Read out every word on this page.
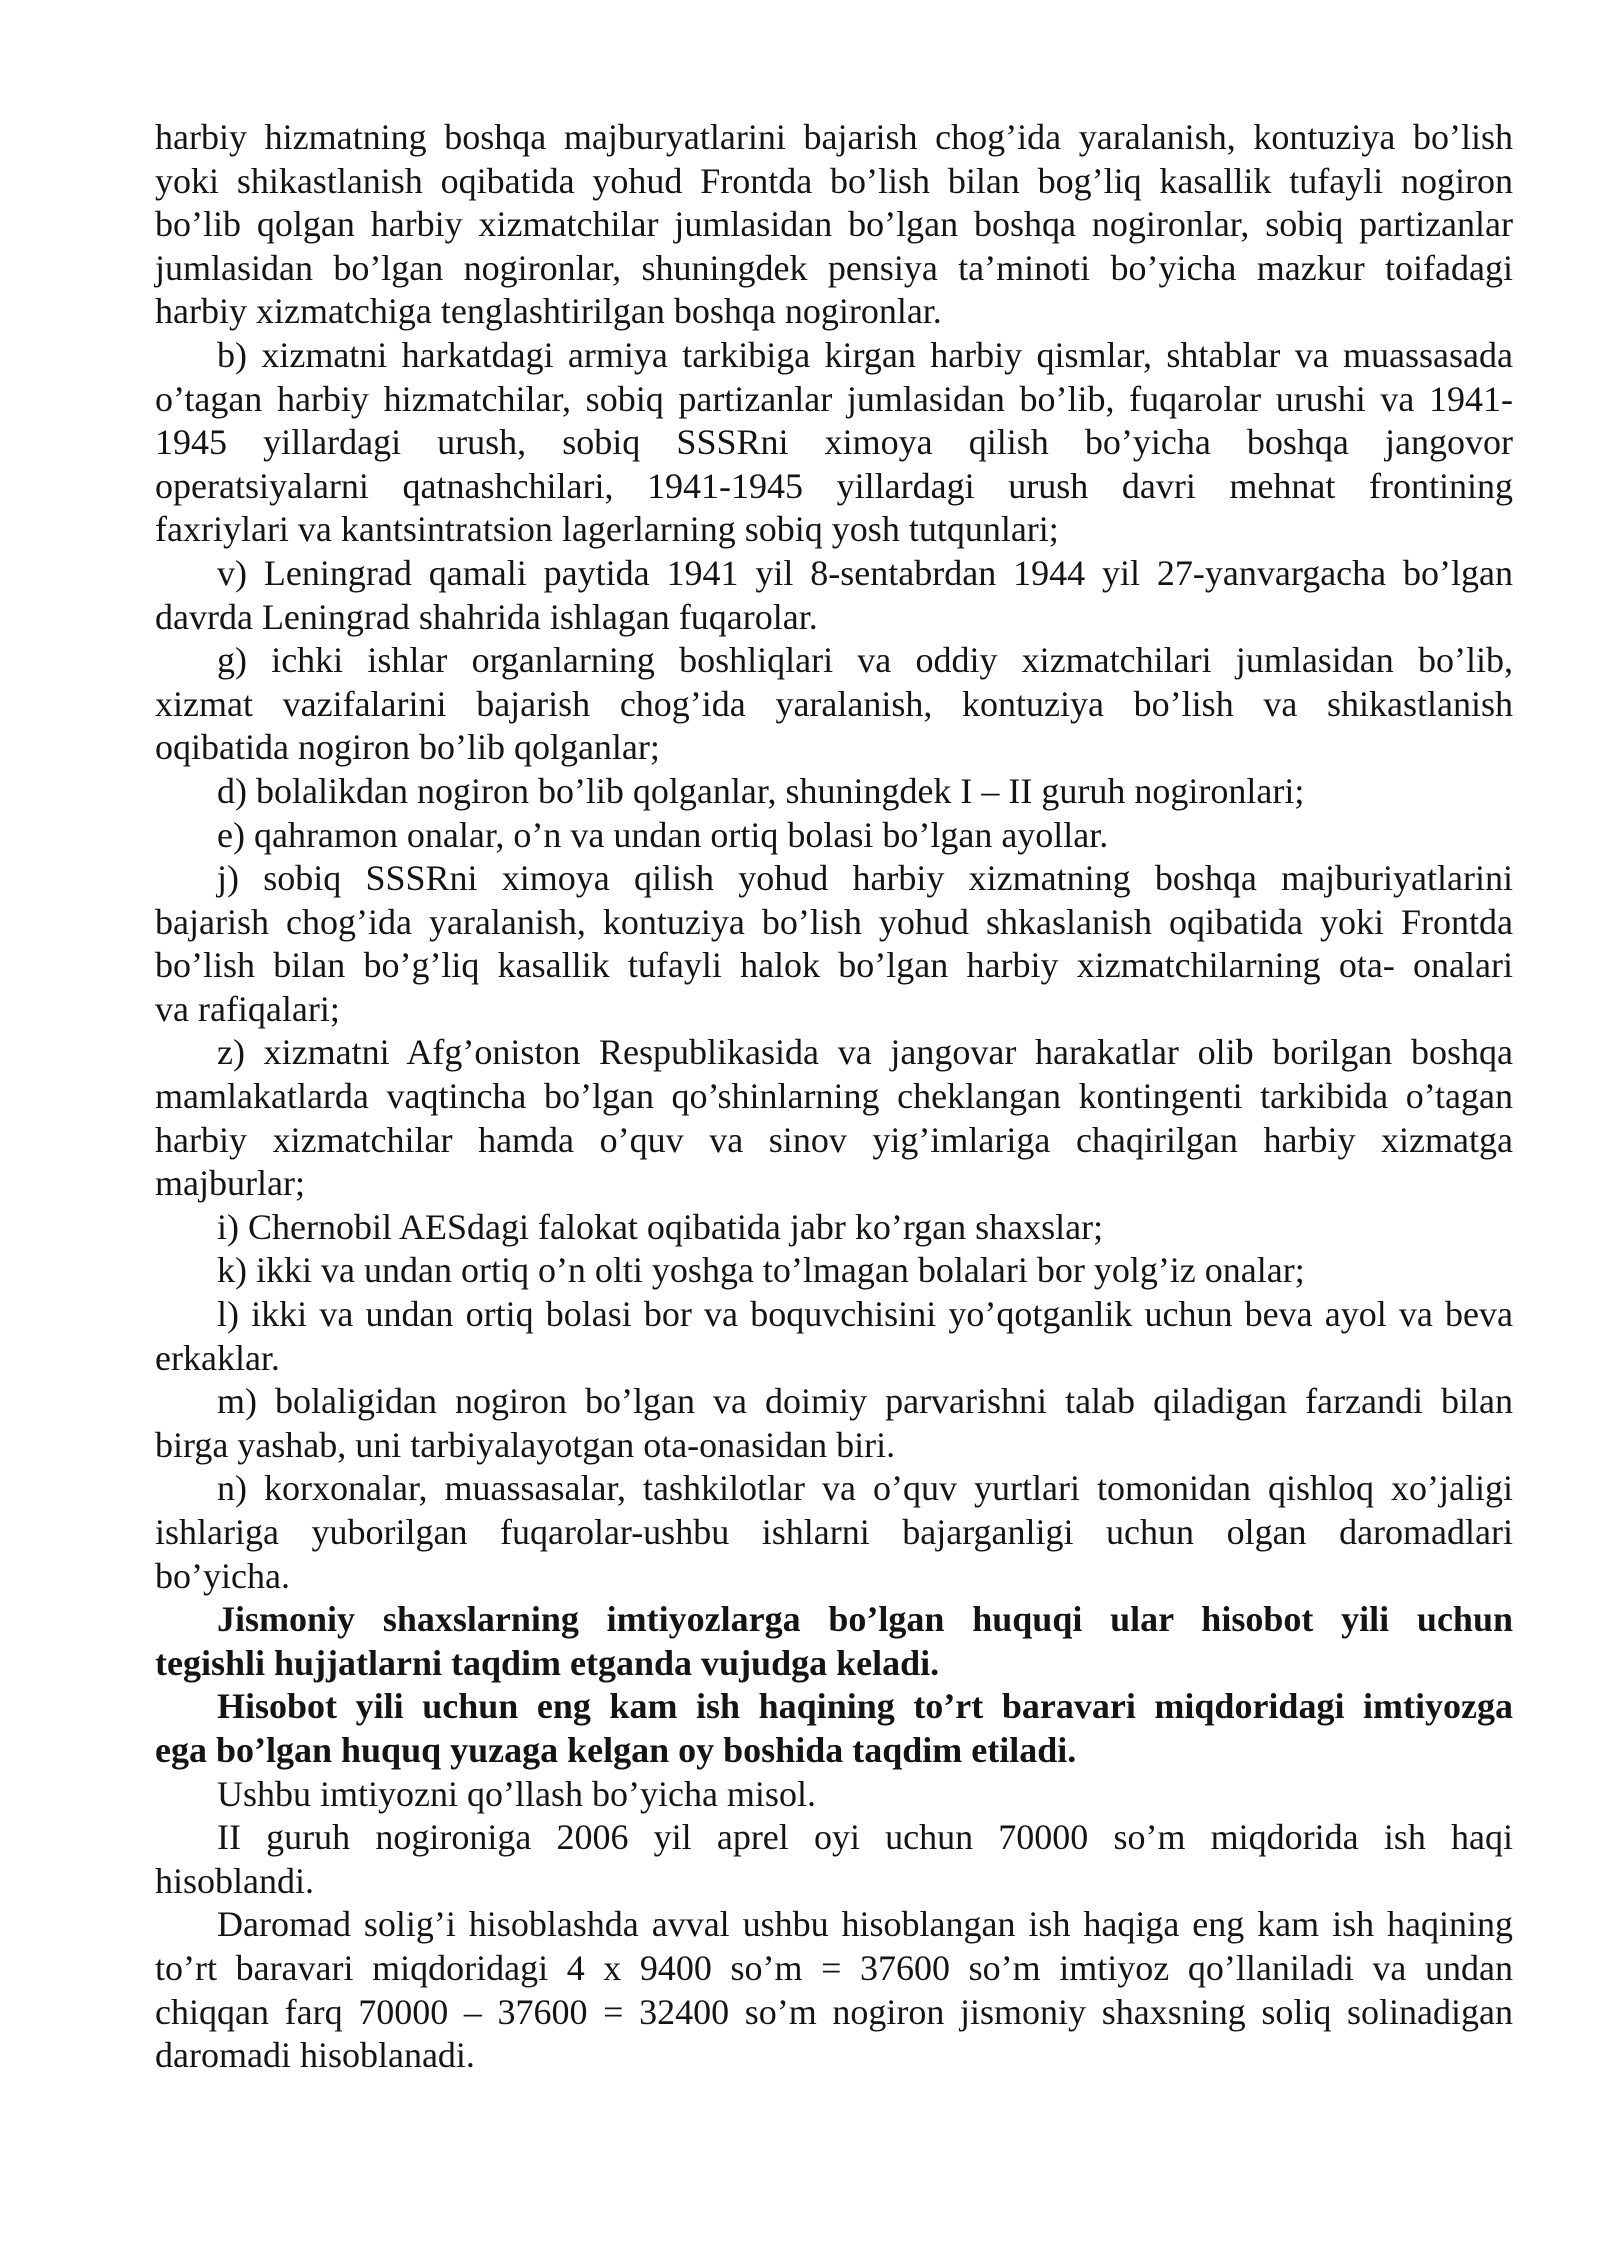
harbiy hizmatning boshqa majburyatlarini bajarish chog’ida yaralanish, kontuziya bo’lish
yoki shikastlanish oqibatida yohud Frontda bo’lish bilan bog’liq kasallik tufayli nogiron
bo’lib qolgan harbiy xizmatchilar jumlasidan bo’lgan boshqa nogironlar, sobiq partizanlar
jumlasidan bo’lgan nogironlar, shuningdek pensiya ta’minoti bo’yicha mazkur toifadagi
harbiy xizmatchiga tenglashtirilgan boshqa nogironlar.
b) xizmatni harkatdagi armiya tarkibiga kirgan harbiy qismlar, shtablar va muassasada
o’tagan harbiy hizmatchilar, sobiq partizanlar jumlasidan bo’lib, fuqarolar urushi va 1941-
1945 yillardagi urush, sobiq SSSRni ximoya qilish bo’yicha boshqa jangovor
operatsiyalarni qatnashchilari, 1941-1945 yillardagi urush davri mehnat frontining
faxriylari va kantsintratsion lagerlarning sobiq yosh tutqunlari;
v) Leningrad qamali paytida 1941 yil 8-sentabrdan 1944 yil 27-yanvargacha bo’lgan
davrda Leningrad shahrida ishlagan fuqarolar.
g) ichki ishlar organlarning boshliqlari va oddiy xizmatchilari jumlasidan bo’lib,
xizmat vazifalarini bajarish chog’ida yaralanish, kontuziya bo’lish va shikastlanish
oqibatida nogiron bo’lib qolganlar;
d) bolalikdan nogiron bo’lib qolganlar, shuningdek I – II guruh nogironlari;
e) qahramon onalar, o’n va undan ortiq bolasi bo’lgan ayollar.
j) sobiq SSSRni ximoya qilish yohud harbiy xizmatning boshqa majburiyatlarini
bajarish chog’ida yaralanish, kontuziya bo’lish yohud shkaslanish oqibatida yoki Frontda
bo’lish bilan bo’g’liq kasallik tufayli halok bo’lgan harbiy xizmatchilarning ota- onalari
va rafiqalari;
z) xizmatni Afg’oniston Respublikasida va jangovar harakatlar olib borilgan boshqa
mamlakatlarda vaqtincha bo’lgan qo’shinlarning cheklangan kontingenti tarkibida o’tagan
harbiy xizmatchilar hamda o’quv va sinov yig’imlariga chaqirilgan harbiy xizmatga
majburlar;
i) Chernobil AESdagi falokat oqibatida jabr ko’rgan shaxslar;
k) ikki va undan ortiq o’n olti yoshga to’lmagan bolalari bor yolg’iz onalar;
l) ikki va undan ortiq bolasi bor va boquvchisini yo’qotganlik uchun beva ayol va beva
erkaklar.
m) bolaligidan nogiron bo’lgan va doimiy parvarishni talab qiladigan farzandi bilan
birga yashab, uni tarbiyalayotgan ota-onasidan biri.
n) korxonalar, muassasalar, tashkilotlar va o’quv yurtlari tomonidan qishloq xo’jaligi
ishlariga yuborilgan fuqarolar-ushbu ishlarni bajarganligi uchun olgan daromadlari
bo’yicha.
Jismoniy shaxslarning imtiyozlarga bo’lgan huquqi ular hisobot yili uchun
tegishli hujjatlarni taqdim etganda vujudga keladi.
Hisobot yili uchun eng kam ish haqining to’rt baravari miqdoridagi imtiyozga
ega bo’lgan huquq yuzaga kelgan oy boshida taqdim etiladi.
Ushbu imtiyozni qo’llash bo’yicha misol.
II guruh nogironiga 2006 yil aprel oyi uchun 70000 so’m miqdorida ish haqi
hisoblandi.
Daromad solig’i hisoblashda avval ushbu hisoblangan ish haqiga eng kam ish haqining
to’rt baravari miqdoridagi 4 x 9400 so’m = 37600 so’m imtiyoz qo’llaniladi va undan
chiqqan farq 70000 – 37600 = 32400 so’m nogiron jismoniy shaxsning soliq solinadigan
daromadi hisoblanadi.
